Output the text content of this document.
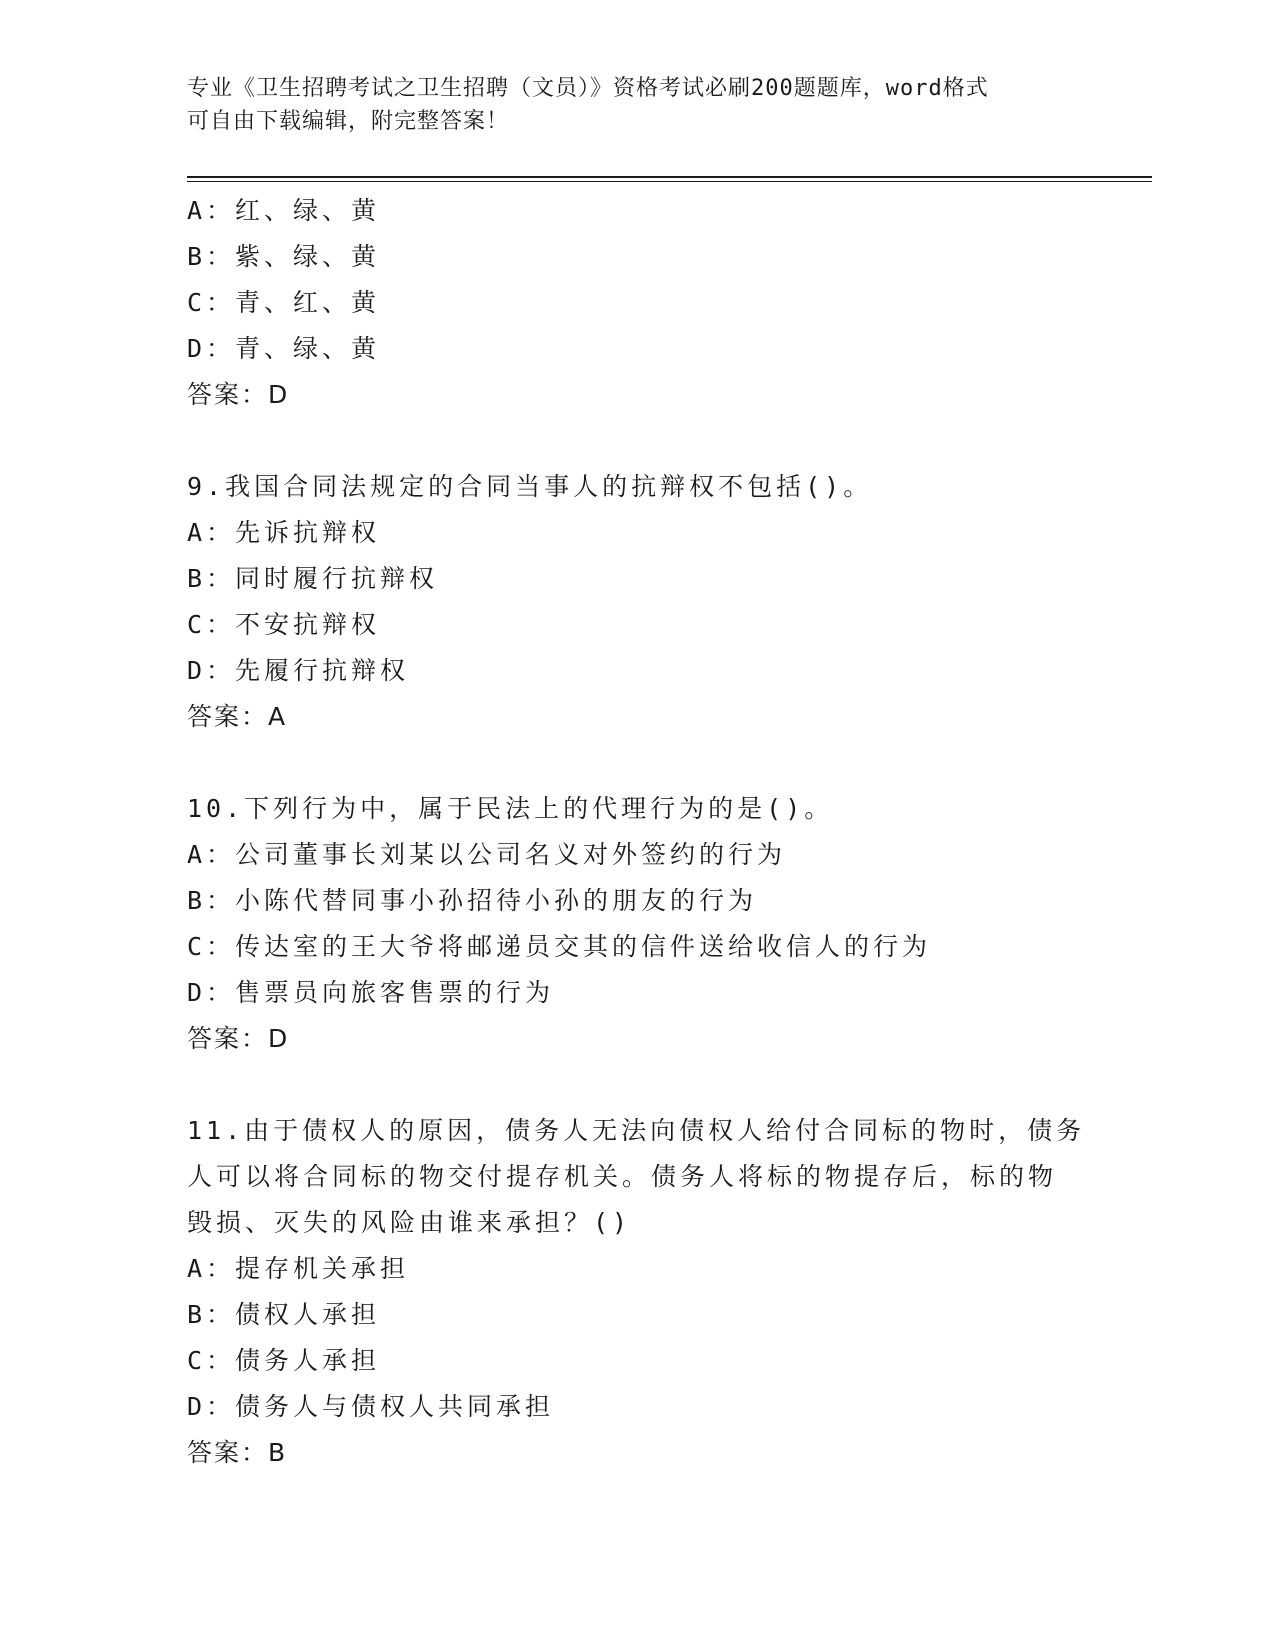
专业《卫生招聘考试之卫生招聘（文员）》资格考试必刷200题题库，word格式
可自由下载编辑，附完整答案！
A：红、绿、黄
B：紫、绿、黄
C：青、红、黄
D：青、绿、黄
答案：D
9.我国合同法规定的合同当事人的抗辩权不包括()。
A：先诉抗辩权
B：同时履行抗辩权
C：不安抗辩权
D：先履行抗辩权
答案：A
10.下列行为中，属于民法上的代理行为的是()。
A：公司董事长刘某以公司名义对外签约的行为
B：小陈代替同事小孙招待小孙的朋友的行为
C：传达室的王大爷将邮递员交其的信件送给收信人的行为
D：售票员向旅客售票的行为
答案：D
11.由于债权人的原因，债务人无法向债权人给付合同标的物时，债务
人可以将合同标的物交付提存机关。债务人将标的物提存后，标的物
毁损、灭失的风险由谁来承担？()
A：提存机关承担
B：债权人承担
C：债务人承担
D：债务人与债权人共同承担
答案：B
